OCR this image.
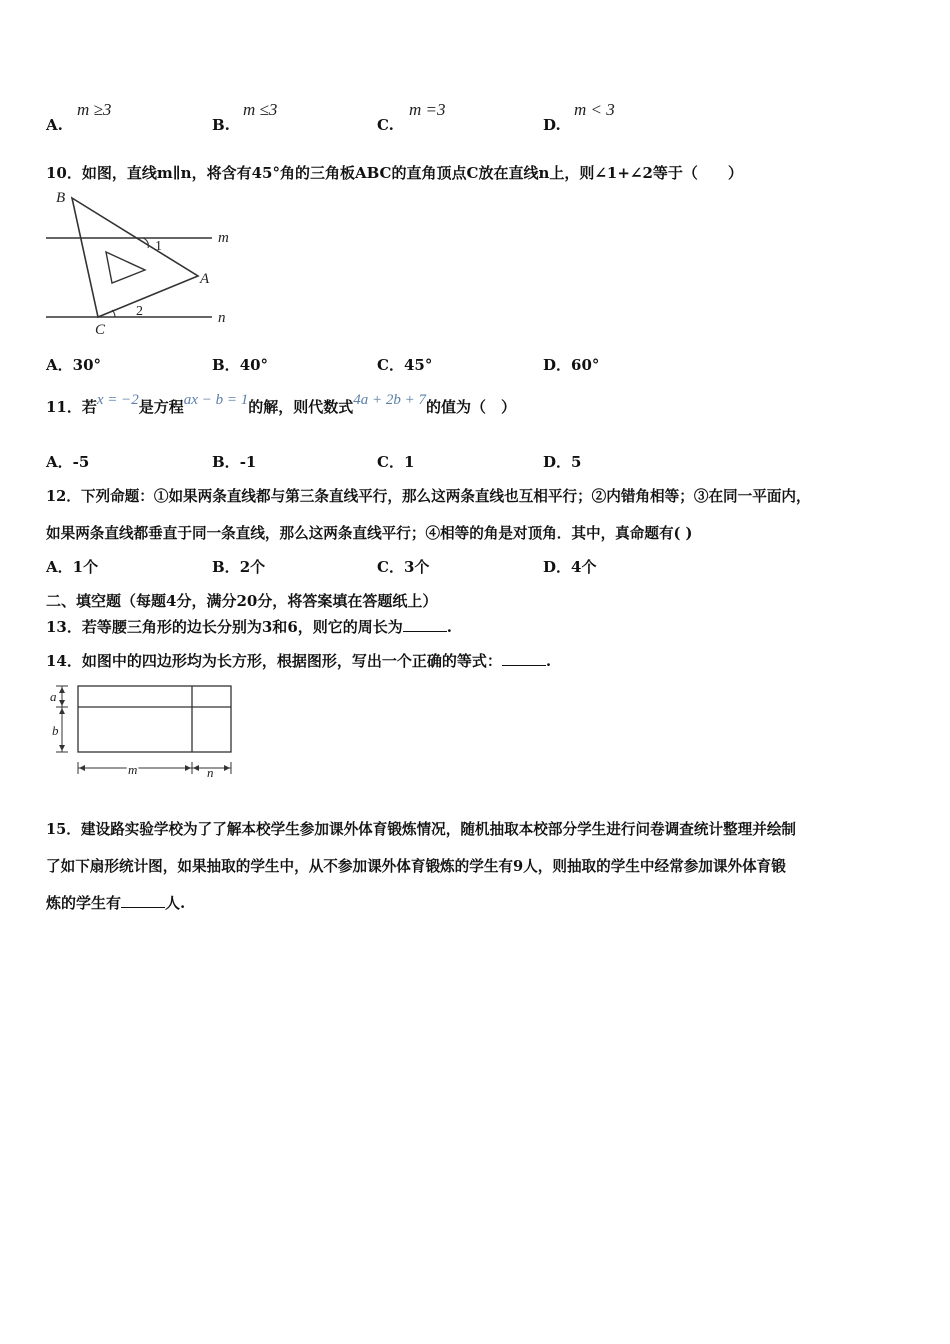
A.
m ≥3
B.
m ≤3
C.
m =3
D.
m < 3
10．如图，直线m∥n，将含有45°角的三角板ABC的直角顶点C放在直线n上，则∠1+∠2等于（　　）
B
A
C
m
n
1
2
A．30°	B．40°	C．45°	D．60°
11．若x = −2是方程ax − b = 1的解，则代数式4a + 2b + 7的值为（　）
A．-5	B．-1	C．1	D．5
12．下列命题：①如果两条直线都与第三条直线平行，那么这两条直线也互相平行；②内错角相等；③在同一平面内，
如果两条直线都垂直于同一条直线，那么这两条直线平行；④相等的角是对顶角．其中，真命题有( )
A．1个	B．2个	C．3个	D．4个
二、填空题（每题4分，满分20分，将答案填在答题纸上）
13．若等腰三角形的边长分别为3和6，则它的周长为	.
14．如图中的四边形均为长方形，根据图形，写出一个正确的等式：	.
a
b
m	n
15．建设路实验学校为了了解本校学生参加课外体育锻炼情况，随机抽取本校部分学生进行问卷调查统计整理并绘制
了如下扇形统计图，如果抽取的学生中，从不参加课外体育锻炼的学生有9人，则抽取的学生中经常参加课外体育锻
炼的学生有	人.
